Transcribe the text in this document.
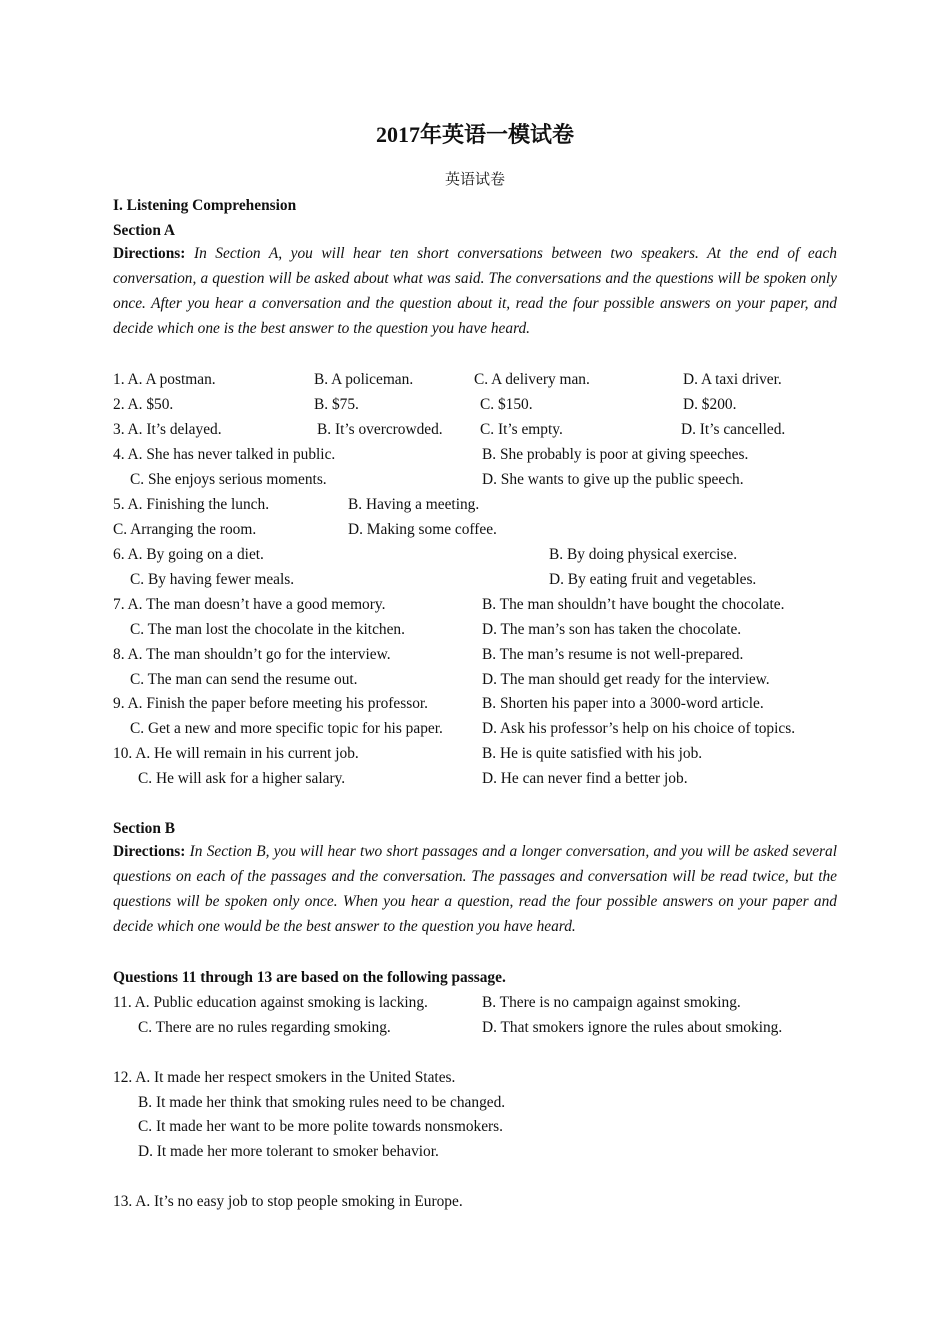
2017年英语一模试卷
英语试卷
I. Listening Comprehension
Section A
Directions: In Section A, you will hear ten short conversations between two speakers. At the end of each conversation, a question will be asked about what was said. The conversations and the questions will be spoken only once. After you hear a conversation and the question about it, read the four possible answers on your paper, and decide which one is the best answer to the question you have heard.
1. A. A postman.	B. A policeman.	C. A delivery man.	D. A taxi driver.
2. A. $50.	B. $75.	C. $150.	D. $200.
3. A. It’s delayed.	B. It’s overcrowded. C. It’s empty.	D. It’s cancelled.
4. A. She has never talked in public.	B. She probably is poor at giving speeches.
C. She enjoys serious moments.	D. She wants to give up the public speech.
5. A. Finishing the lunch.	B. Having a meeting.
C. Arranging the room.	D. Making some coffee.
6. A. By going on a diet.	B. By doing physical exercise.
C. By having fewer meals.	D. By eating fruit and vegetables.
7. A. The man doesn’t have a good memory.	B. The man shouldn’t have bought the chocolate.
C. The man lost the chocolate in the kitchen.	D. The man’s son has taken the chocolate.
8. A. The man shouldn’t go for the interview.	B. The man’s resume is not well-prepared.
C. The man can send the resume out.	D. The man should get ready for the interview.
9. A. Finish the paper before meeting his professor.	B. Shorten his paper into a 3000-word article.
C. Get a new and more specific topic for his paper.	D. Ask his professor’s help on his choice of topics.
10. A. He will remain in his current job.	B. He is quite satisfied with his job.
C. He will ask for a higher salary.	D. He can never find a better job.
Section B
Directions: In Section B, you will hear two short passages and a longer conversation, and you will be asked several questions on each of the passages and the conversation. The passages and conversation will be read twice, but the questions will be spoken only once. When you hear a question, read the four possible answers on your paper and decide which one would be the best answer to the question you have heard.
Questions 11 through 13 are based on the following passage.
11. A. Public education against smoking is lacking.	B. There is no campaign against smoking.
C. There are no rules regarding smoking.	D. That smokers ignore the rules about smoking.
12. A. It made her respect smokers in the United States.
B. It made her think that smoking rules need to be changed.
C. It made her want to be more polite towards nonsmokers.
D. It made her more tolerant to smoker behavior.
13. A. It’s no easy job to stop people smoking in Europe.
